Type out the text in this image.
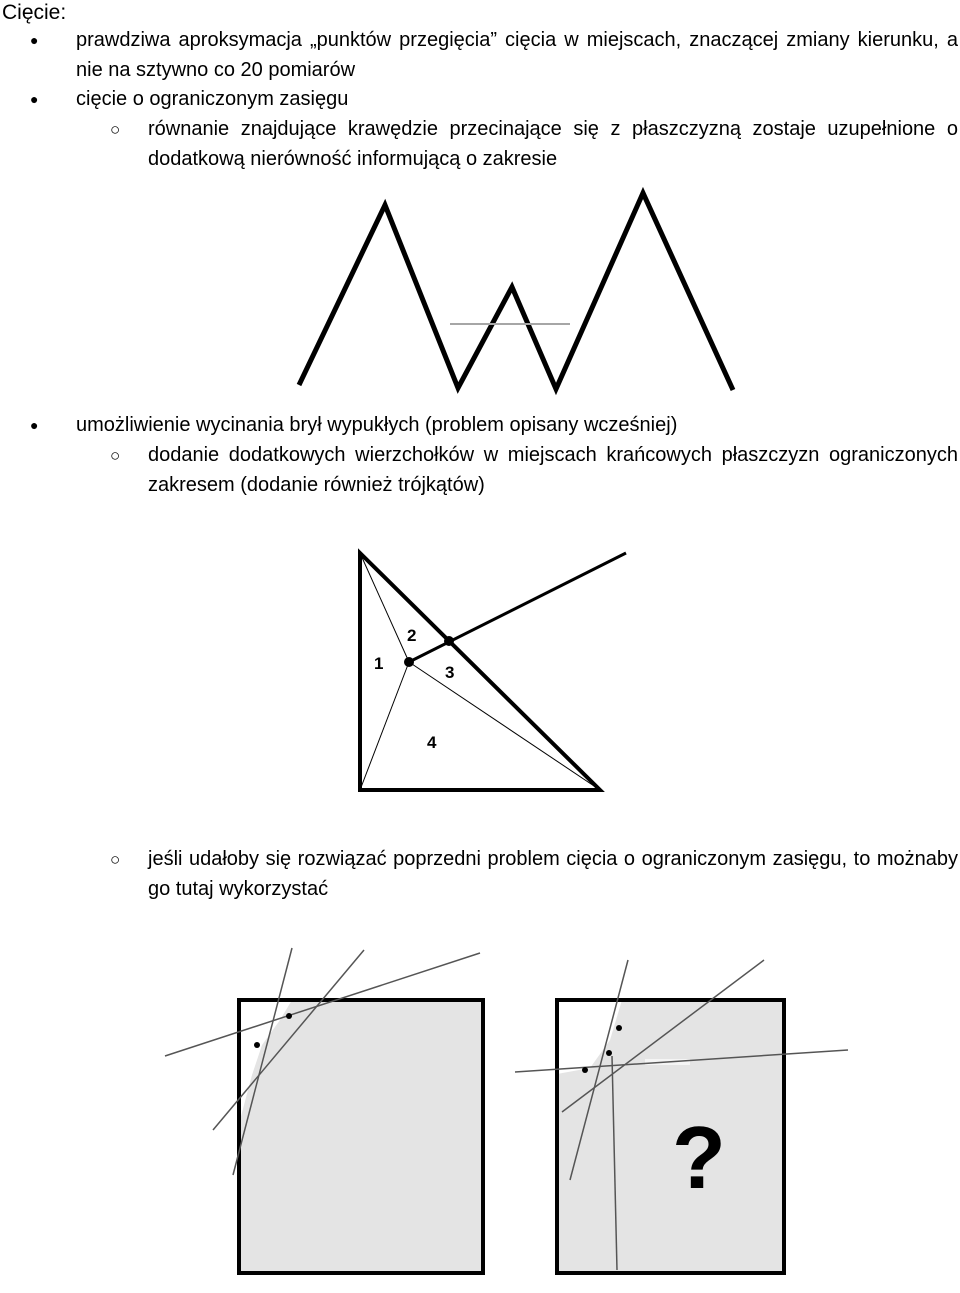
Cięcie:

●	prawdziwa aproksymacja „punktów przegięcia” cięcia w miejscach, znaczącej zmiany kierunku, a nie na sztywno co 20 pomiarów

●	cięcie o ograniczonym zasięgu

○ równanie znajdujące krawędzie przecinające się z płaszczyzną zostaje uzupełnione o dodatkową nierówność informującą o zakresie

●	umożliwienie wycinania brył wypukłych (problem opisany wcześniej)

○ dodanie dodatkowych wierzchołków w miejscach krańcowych płaszczyzn ograniczonych zakresem (dodanie również trójkątów)

1
2
3
4

○ jeśli udałoby się rozwiązać poprzedni problem cięcia o ograniczonym zasięgu, to możnaby go tutaj wykorzystać

?
